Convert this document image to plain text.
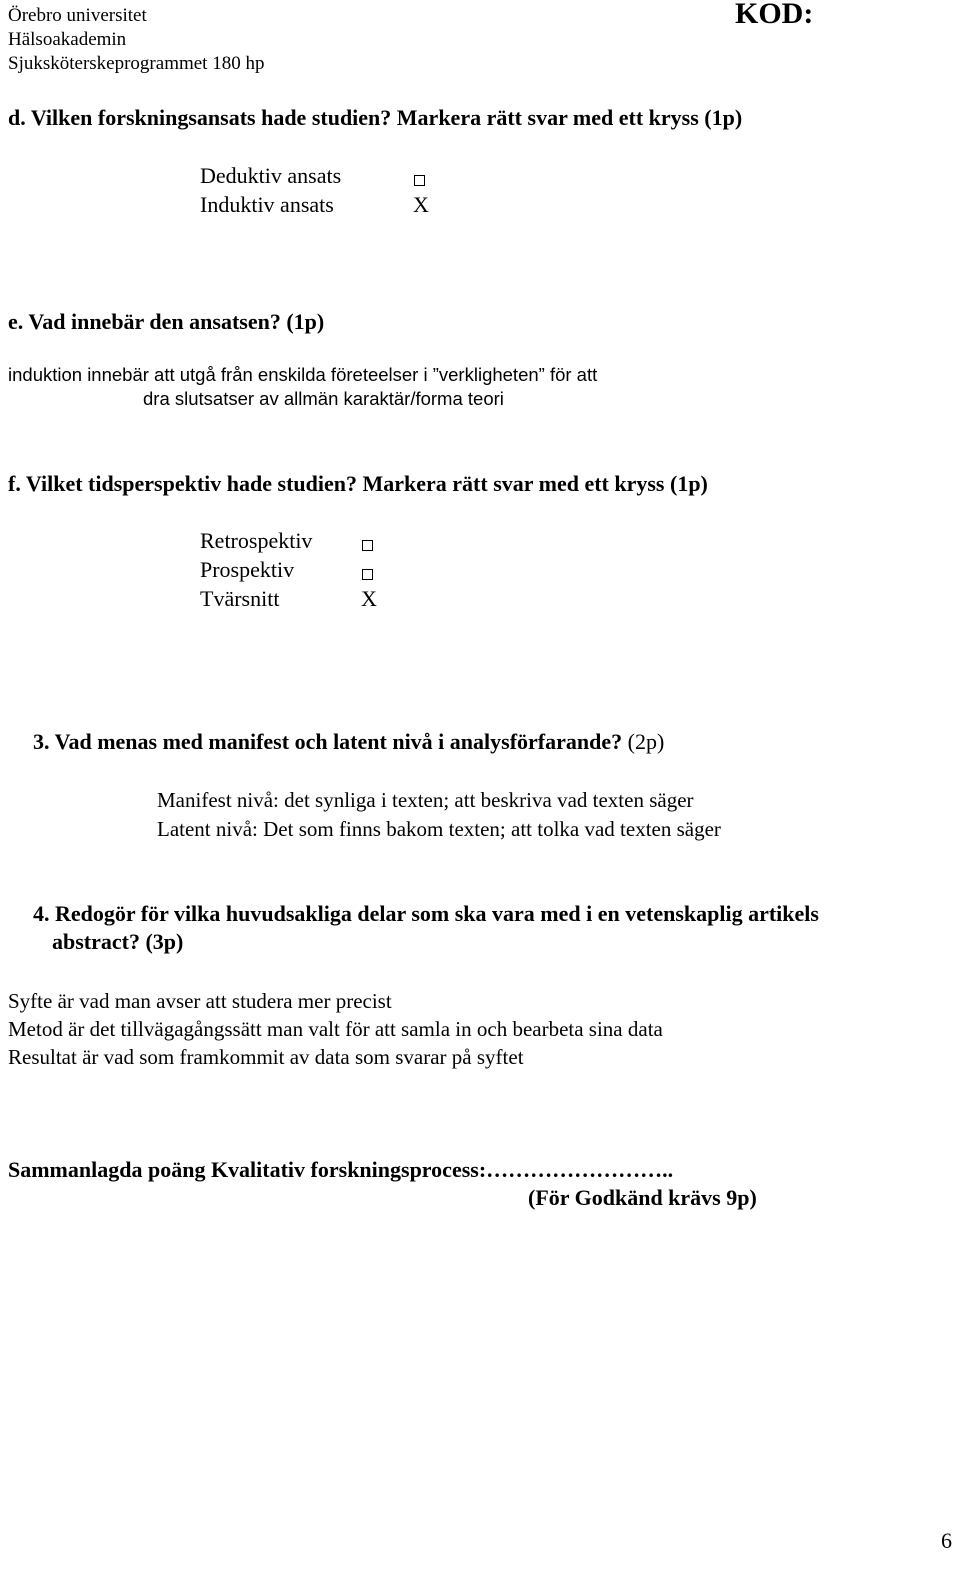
Örebro universitet
Hälsoakademin
Sjuksköterskeprogrammet 180 hp
KOD:
d. Vilken forskningsansats hade studien? Markera rätt svar med ett kryss (1p)
Deduktiv ansats
Induktiv ansats	X
e. Vad innebär den ansatsen? (1p)
induktion innebär att utgå från enskilda företeelser i ”verkligheten” för att
dra slutsatser av allmän karaktär/forma teori
f. Vilket tidsperspektiv hade studien? Markera rätt svar med ett kryss (1p)
Retrospektiv
Prospektiv
Tvärsnitt	X
3. Vad menas med manifest och latent nivå i analysförfarande? (2p)
Manifest nivå: det synliga i texten; att beskriva vad texten säger
Latent nivå: Det som finns bakom texten; att tolka vad texten säger
4. Redogör för vilka huvudsakliga delar som ska vara med i en vetenskaplig artikels
abstract? (3p)
Syfte är vad man avser att studera mer precist
Metod är det tillvägagångssätt man valt för att samla in och bearbeta sina data
Resultat är vad som framkommit av data som svarar på syftet
Sammanlagda poäng Kvalitativ forskningsprocess:……………………..
(För Godkänd krävs 9p)
6
